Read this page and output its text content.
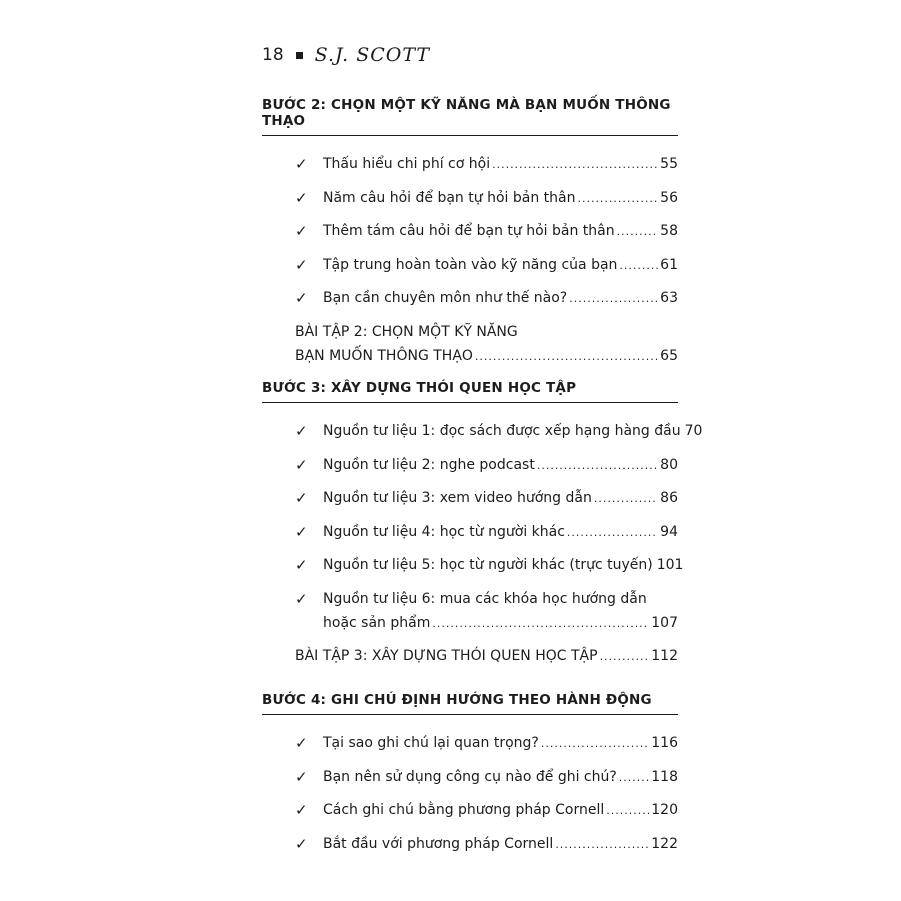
18 S.J. SCOTT
BƯỚC 2: CHỌN MỘT KỸ NĂNG MÀ BẠN MUỐN THÔNG THẠO
✓ Thấu hiểu chi phí cơ hội .....	55
✓ Năm câu hỏi để bạn tự hỏi bản thân .....	56
✓ Thêm tám câu hỏi để bạn tự hỏi bản thân .....	58
✓ Tập trung hoàn toàn vào kỹ năng của bạn .....	61
✓ Bạn cần chuyên môn như thế nào? .....	63
BÀI TẬP 2: CHỌN MỘT KỸ NĂNG
BẠN MUỐN THÔNG THẠO .....	65
BƯỚC 3: XÂY DỰNG THÓI QUEN HỌC TẬP
✓ Nguồn tư liệu 1: đọc sách được xếp hạng hàng đầu 70
✓ Nguồn tư liệu 2: nghe podcast .....	80
✓ Nguồn tư liệu 3: xem video hướng dẫn .....	86
✓ Nguồn tư liệu 4: học từ người khác .....	94
✓ Nguồn tư liệu 5: học từ người khác (trực tuyến) 101
✓ Nguồn tư liệu 6: mua các khóa học hướng dẫn
hoặc sản phẩm .....	107
BÀI TẬP 3: XÂY DỰNG THÓI QUEN HỌC TẬP .....	112
BƯỚC 4: GHI CHÚ ĐỊNH HƯỚNG THEO HÀNH ĐỘNG
✓ Tại sao ghi chú lại quan trọng? .....	116
✓ Bạn nên sử dụng công cụ nào để ghi chú? ..... 118
✓ Cách ghi chú bằng phương pháp Cornell .....	120
✓ Bắt đầu với phương pháp Cornell .....	122
